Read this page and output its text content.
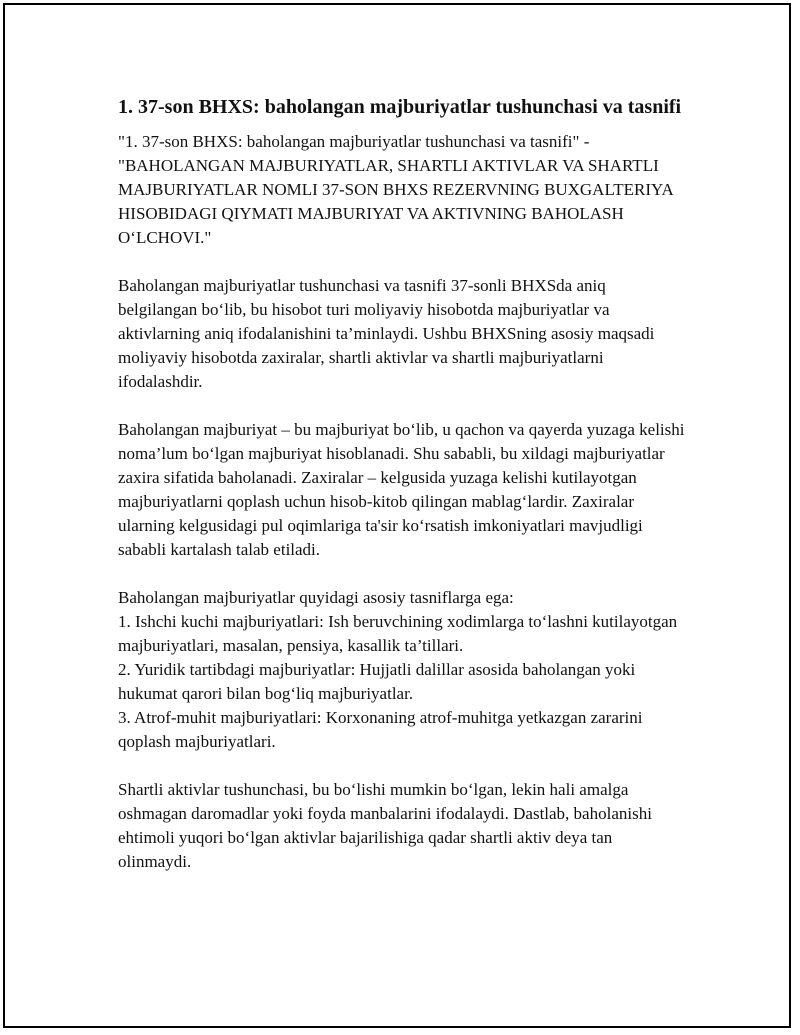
1. 37-son BHXS: baholangan majburiyatlar tushunchasi va tasnifi

"1. 37-son BHXS: baholangan majburiyatlar tushunchasi va tasnifi" - "BAHOLANGAN MAJBURIYATLAR, SHARTLI AKTIVLAR VA SHARTLI MAJBURIYATLAR NOMLI 37-SON BHXS REZERVNING BUXGALTERIYA HISOBIDAGI QIYMATI MAJBURIYAT VA AKTIVNING BAHOLASH O‘LCHOVI."

Baholangan majburiyatlar tushunchasi va tasnifi 37-sonli BHXSda aniq belgilangan bo‘lib, bu hisobot turi moliyaviy hisobotda majburiyatlar va aktivlarning aniq ifodalanishini ta’minlaydi. Ushbu BHXSning asosiy maqsadi moliyaviy hisobotda zaxiralar, shartli aktivlar va shartli majburiyatlarni ifodalashdir.

Baholangan majburiyat – bu majburiyat bo‘lib, u qachon va qayerda yuzaga kelishi noma’lum bo‘lgan majburiyat hisoblanadi. Shu sababli, bu xildagi majburiyatlar zaxira sifatida baholanadi. Zaxiralar – kelgusida yuzaga kelishi kutilayotgan majburiyatlarni qoplash uchun hisob-kitob qilingan mablag‘lardir. Zaxiralar ularning kelgusidagi pul oqimlariga ta'sir ko‘rsatish imkoniyatlari mavjudligi sababli kartalash talab etiladi.

Baholangan majburiyatlar quyidagi asosiy tasniflarga ega:

1. Ishchi kuchi majburiyatlari: Ish beruvchining xodimlarga to‘lashni kutilayotgan majburiyatlari, masalan, pensiya, kasallik ta’tillari.

2. Yuridik tartibdagi majburiyatlar: Hujjatli dalillar asosida baholangan yoki hukumat qarori bilan bog‘liq majburiyatlar.

3. Atrof-muhit majburiyatlari: Korxonaning atrof-muhitga yetkazgan zararini qoplash majburiyatlari.

Shartli aktivlar tushunchasi, bu bo‘lishi mumkin bo‘lgan, lekin hali amalga oshmagan daromadlar yoki foyda manbalarini ifodalaydi. Dastlab, baholanishi ehtimoli yuqori bo‘lgan aktivlar bajarilishiga qadar shartli aktiv deya tan olinmaydi.
